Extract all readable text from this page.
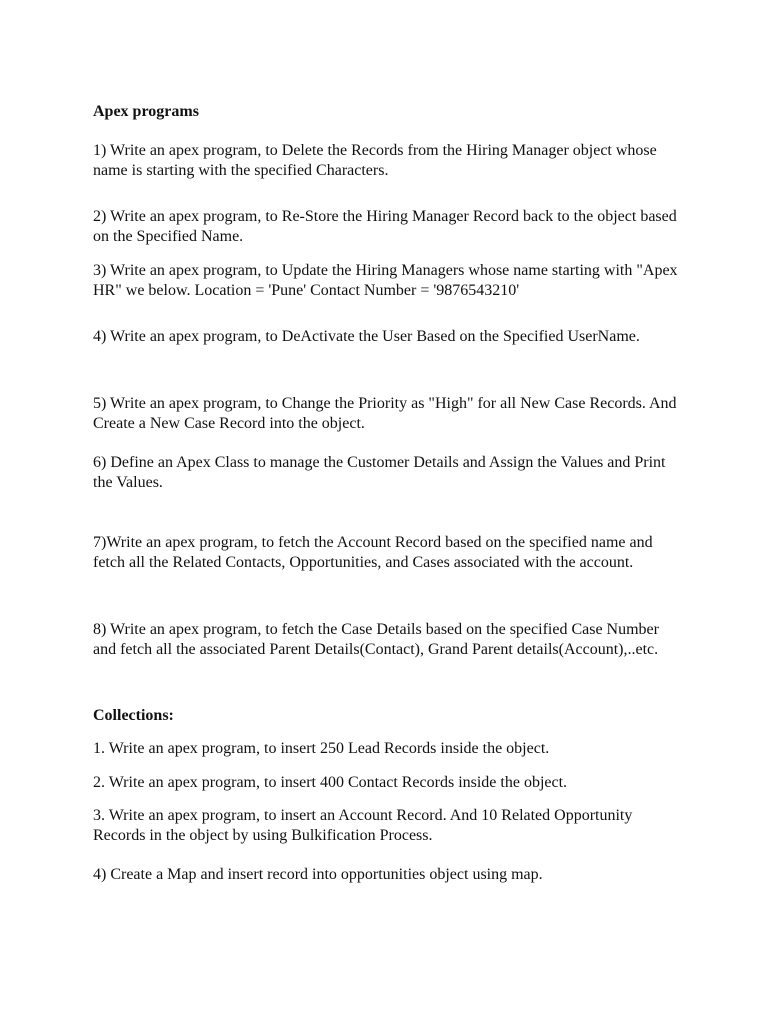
Apex programs

1) Write an apex program, to Delete the Records from the Hiring Manager object whose name is starting with the specified Characters.

2) Write an apex program, to Re-Store the Hiring Manager Record back to the object based on the Specified Name.

3) Write an apex program, to Update the Hiring Managers whose name starting with "Apex HR" we below. Location = 'Pune' Contact Number = '9876543210'

4) Write an apex program, to DeActivate the User Based on the Specified UserName.

5) Write an apex program, to Change the Priority as "High" for all New Case Records. And Create a New Case Record into the object.

6) Define an Apex Class to manage the Customer Details and Assign the Values and Print the Values.

7)Write an apex program, to fetch the Account Record based on the specified name and fetch all the Related Contacts, Opportunities, and Cases associated with the account.

8) Write an apex program, to fetch the Case Details based on the specified Case Number and fetch all the associated Parent Details(Contact), Grand Parent details(Account),..etc.

Collections:

1. Write an apex program, to insert 250 Lead Records inside the object.

2. Write an apex program, to insert 400 Contact Records inside the object.

3. Write an apex program, to insert an Account Record. And 10 Related Opportunity Records in the object by using Bulkification Process.

4) Create a Map and insert record into opportunities object using map.
